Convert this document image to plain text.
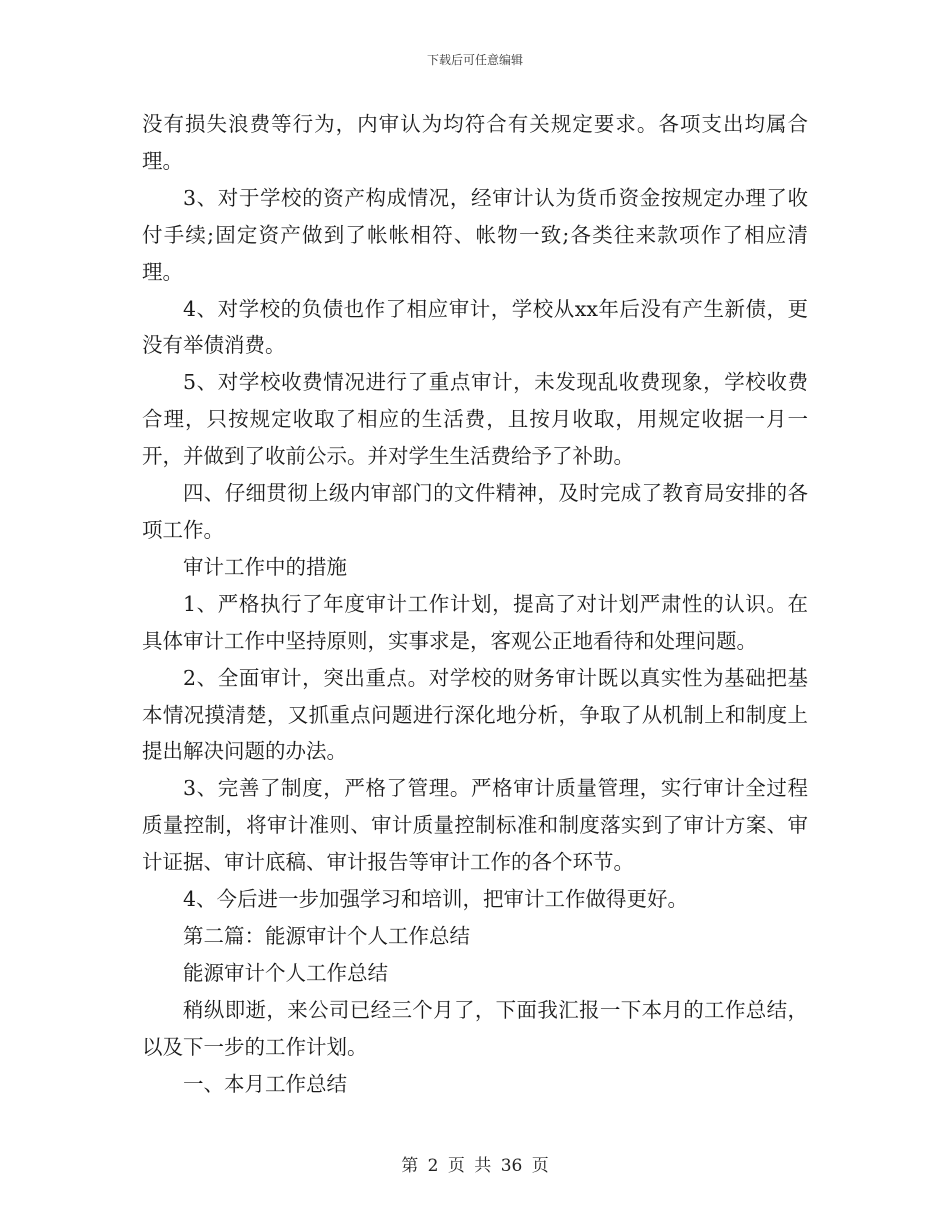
下载后可任意编辑

没有损失浪费等行为，内审认为均符合有关规定要求。各项支出均属合理。

3、对于学校的资产构成情况，经审计认为货币资金按规定办理了收付手续;固定资产做到了帐帐相符、帐物一致;各类往来款项作了相应清理。

4、对学校的负债也作了相应审计，学校从xx年后没有产生新债，更没有举债消费。

5、对学校收费情况进行了重点审计，未发现乱收费现象，学校收费合理，只按规定收取了相应的生活费，且按月收取，用规定收据一月一开，并做到了收前公示。并对学生生活费给予了补助。

四、仔细贯彻上级内审部门的文件精神，及时完成了教育局安排的各项工作。

审计工作中的措施

1、严格执行了年度审计工作计划，提高了对计划严肃性的认识。在具体审计工作中坚持原则，实事求是，客观公正地看待和处理问题。

2、全面审计，突出重点。对学校的财务审计既以真实性为基础把基本情况摸清楚，又抓重点问题进行深化地分析，争取了从机制上和制度上提出解决问题的办法。

3、完善了制度，严格了管理。严格审计质量管理，实行审计全过程质量控制，将审计准则、审计质量控制标准和制度落实到了审计方案、审计证据、审计底稿、审计报告等审计工作的各个环节。

4、今后进一步加强学习和培训，把审计工作做得更好。

第二篇：能源审计个人工作总结

能源审计个人工作总结

稍纵即逝，来公司已经三个月了，下面我汇报一下本月的工作总结，以及下一步的工作计划。

一、本月工作总结

第 2 页 共 36 页
